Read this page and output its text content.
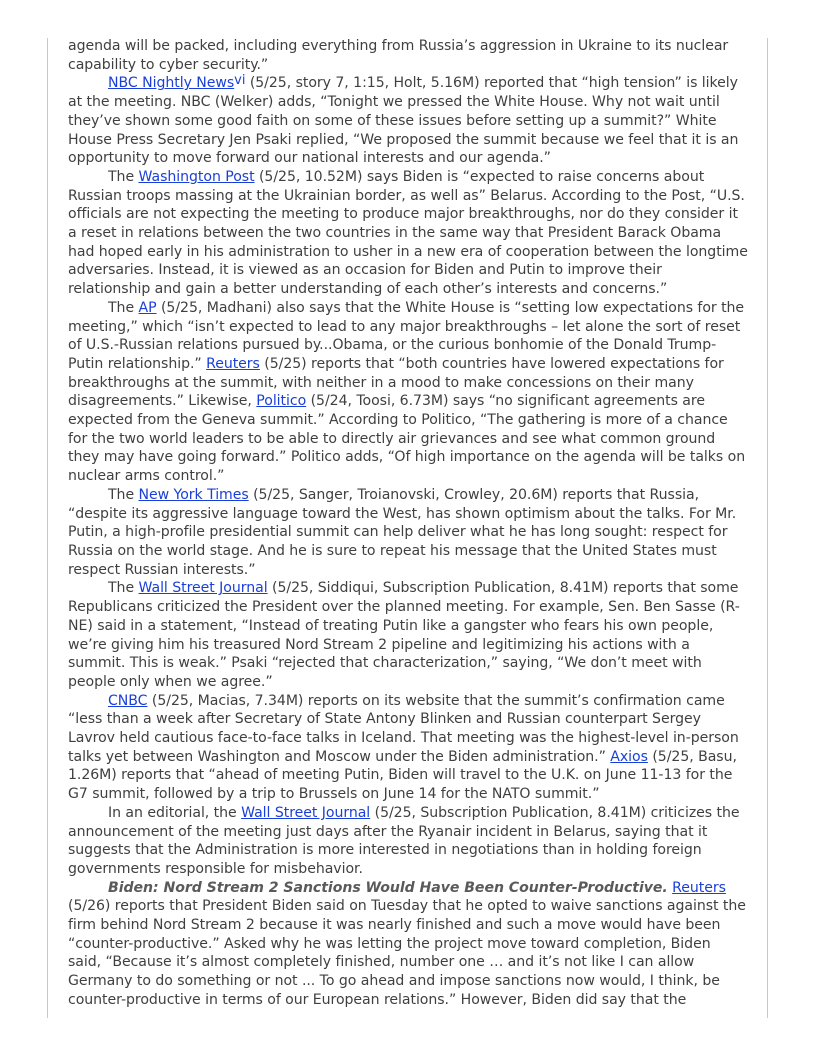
agenda will be packed, including everything from Russia’s aggression in Ukraine to its nuclear capability to cyber security.”

NBC Nightly News$^{vi}$ (5/25, story 7, 1:15, Holt, 5.16M) reported that “high tension” is likely at the meeting. NBC (Welker) adds, “Tonight we pressed the White House. Why not wait until they’ve shown some good faith on some of these issues before setting up a summit?” White House Press Secretary Jen Psaki replied, “We proposed the summit because we feel that it is an opportunity to move forward our national interests and our agenda.”

The Washington Post (5/25, 10.52M) says Biden is “expected to raise concerns about Russian troops massing at the Ukrainian border, as well as” Belarus. According to the Post, “U.S. officials are not expecting the meeting to produce major breakthroughs, nor do they consider it a reset in relations between the two countries in the same way that President Barack Obama had hoped early in his administration to usher in a new era of cooperation between the longtime adversaries. Instead, it is viewed as an occasion for Biden and Putin to improve their relationship and gain a better understanding of each other’s interests and concerns.”

The AP (5/25, Madhani) also says that the White House is “setting low expectations for the meeting,” which “isn’t expected to lead to any major breakthroughs – let alone the sort of reset of U.S.-Russian relations pursued by...Obama, or the curious bonhomie of the Donald Trump-Putin relationship.” Reuters (5/25) reports that “both countries have lowered expectations for breakthroughs at the summit, with neither in a mood to make concessions on their many disagreements.” Likewise, Politico (5/24, Toosi, 6.73M) says “no significant agreements are expected from the Geneva summit.” According to Politico, “The gathering is more of a chance for the two world leaders to be able to directly air grievances and see what common ground they may have going forward.” Politico adds, “Of high importance on the agenda will be talks on nuclear arms control.”

The New York Times (5/25, Sanger, Troianovski, Crowley, 20.6M) reports that Russia, “despite its aggressive language toward the West, has shown optimism about the talks. For Mr. Putin, a high-profile presidential summit can help deliver what he has long sought: respect for Russia on the world stage. And he is sure to repeat his message that the United States must respect Russian interests.”

The Wall Street Journal (5/25, Siddiqui, Subscription Publication, 8.41M) reports that some Republicans criticized the President over the planned meeting. For example, Sen. Ben Sasse (R-NE) said in a statement, “Instead of treating Putin like a gangster who fears his own people, we’re giving him his treasured Nord Stream 2 pipeline and legitimizing his actions with a summit. This is weak.” Psaki “rejected that characterization,” saying, “We don’t meet with people only when we agree.”

CNBC (5/25, Macias, 7.34M) reports on its website that the summit’s confirmation came “less than a week after Secretary of State Antony Blinken and Russian counterpart Sergey Lavrov held cautious face-to-face talks in Iceland. That meeting was the highest-level in-person talks yet between Washington and Moscow under the Biden administration.” Axios (5/25, Basu, 1.26M) reports that “ahead of meeting Putin, Biden will travel to the U.K. on June 11-13 for the G7 summit, followed by a trip to Brussels on June 14 for the NATO summit.”

In an editorial, the Wall Street Journal (5/25, Subscription Publication, 8.41M) criticizes the announcement of the meeting just days after the Ryanair incident in Belarus, saying that it suggests that the Administration is more interested in negotiations than in holding foreign governments responsible for misbehavior.

Biden: Nord Stream 2 Sanctions Would Have Been Counter-Productive. Reuters (5/26) reports that President Biden said on Tuesday that he opted to waive sanctions against the firm behind Nord Stream 2 because it was nearly finished and such a move would have been “counter-productive.” Asked why he was letting the project move toward completion, Biden said, “Because it’s almost completely finished, number one … and it’s not like I can allow Germany to do something or not ... To go ahead and impose sanctions now would, I think, be counter-productive in terms of our European relations.” However, Biden did say that the
